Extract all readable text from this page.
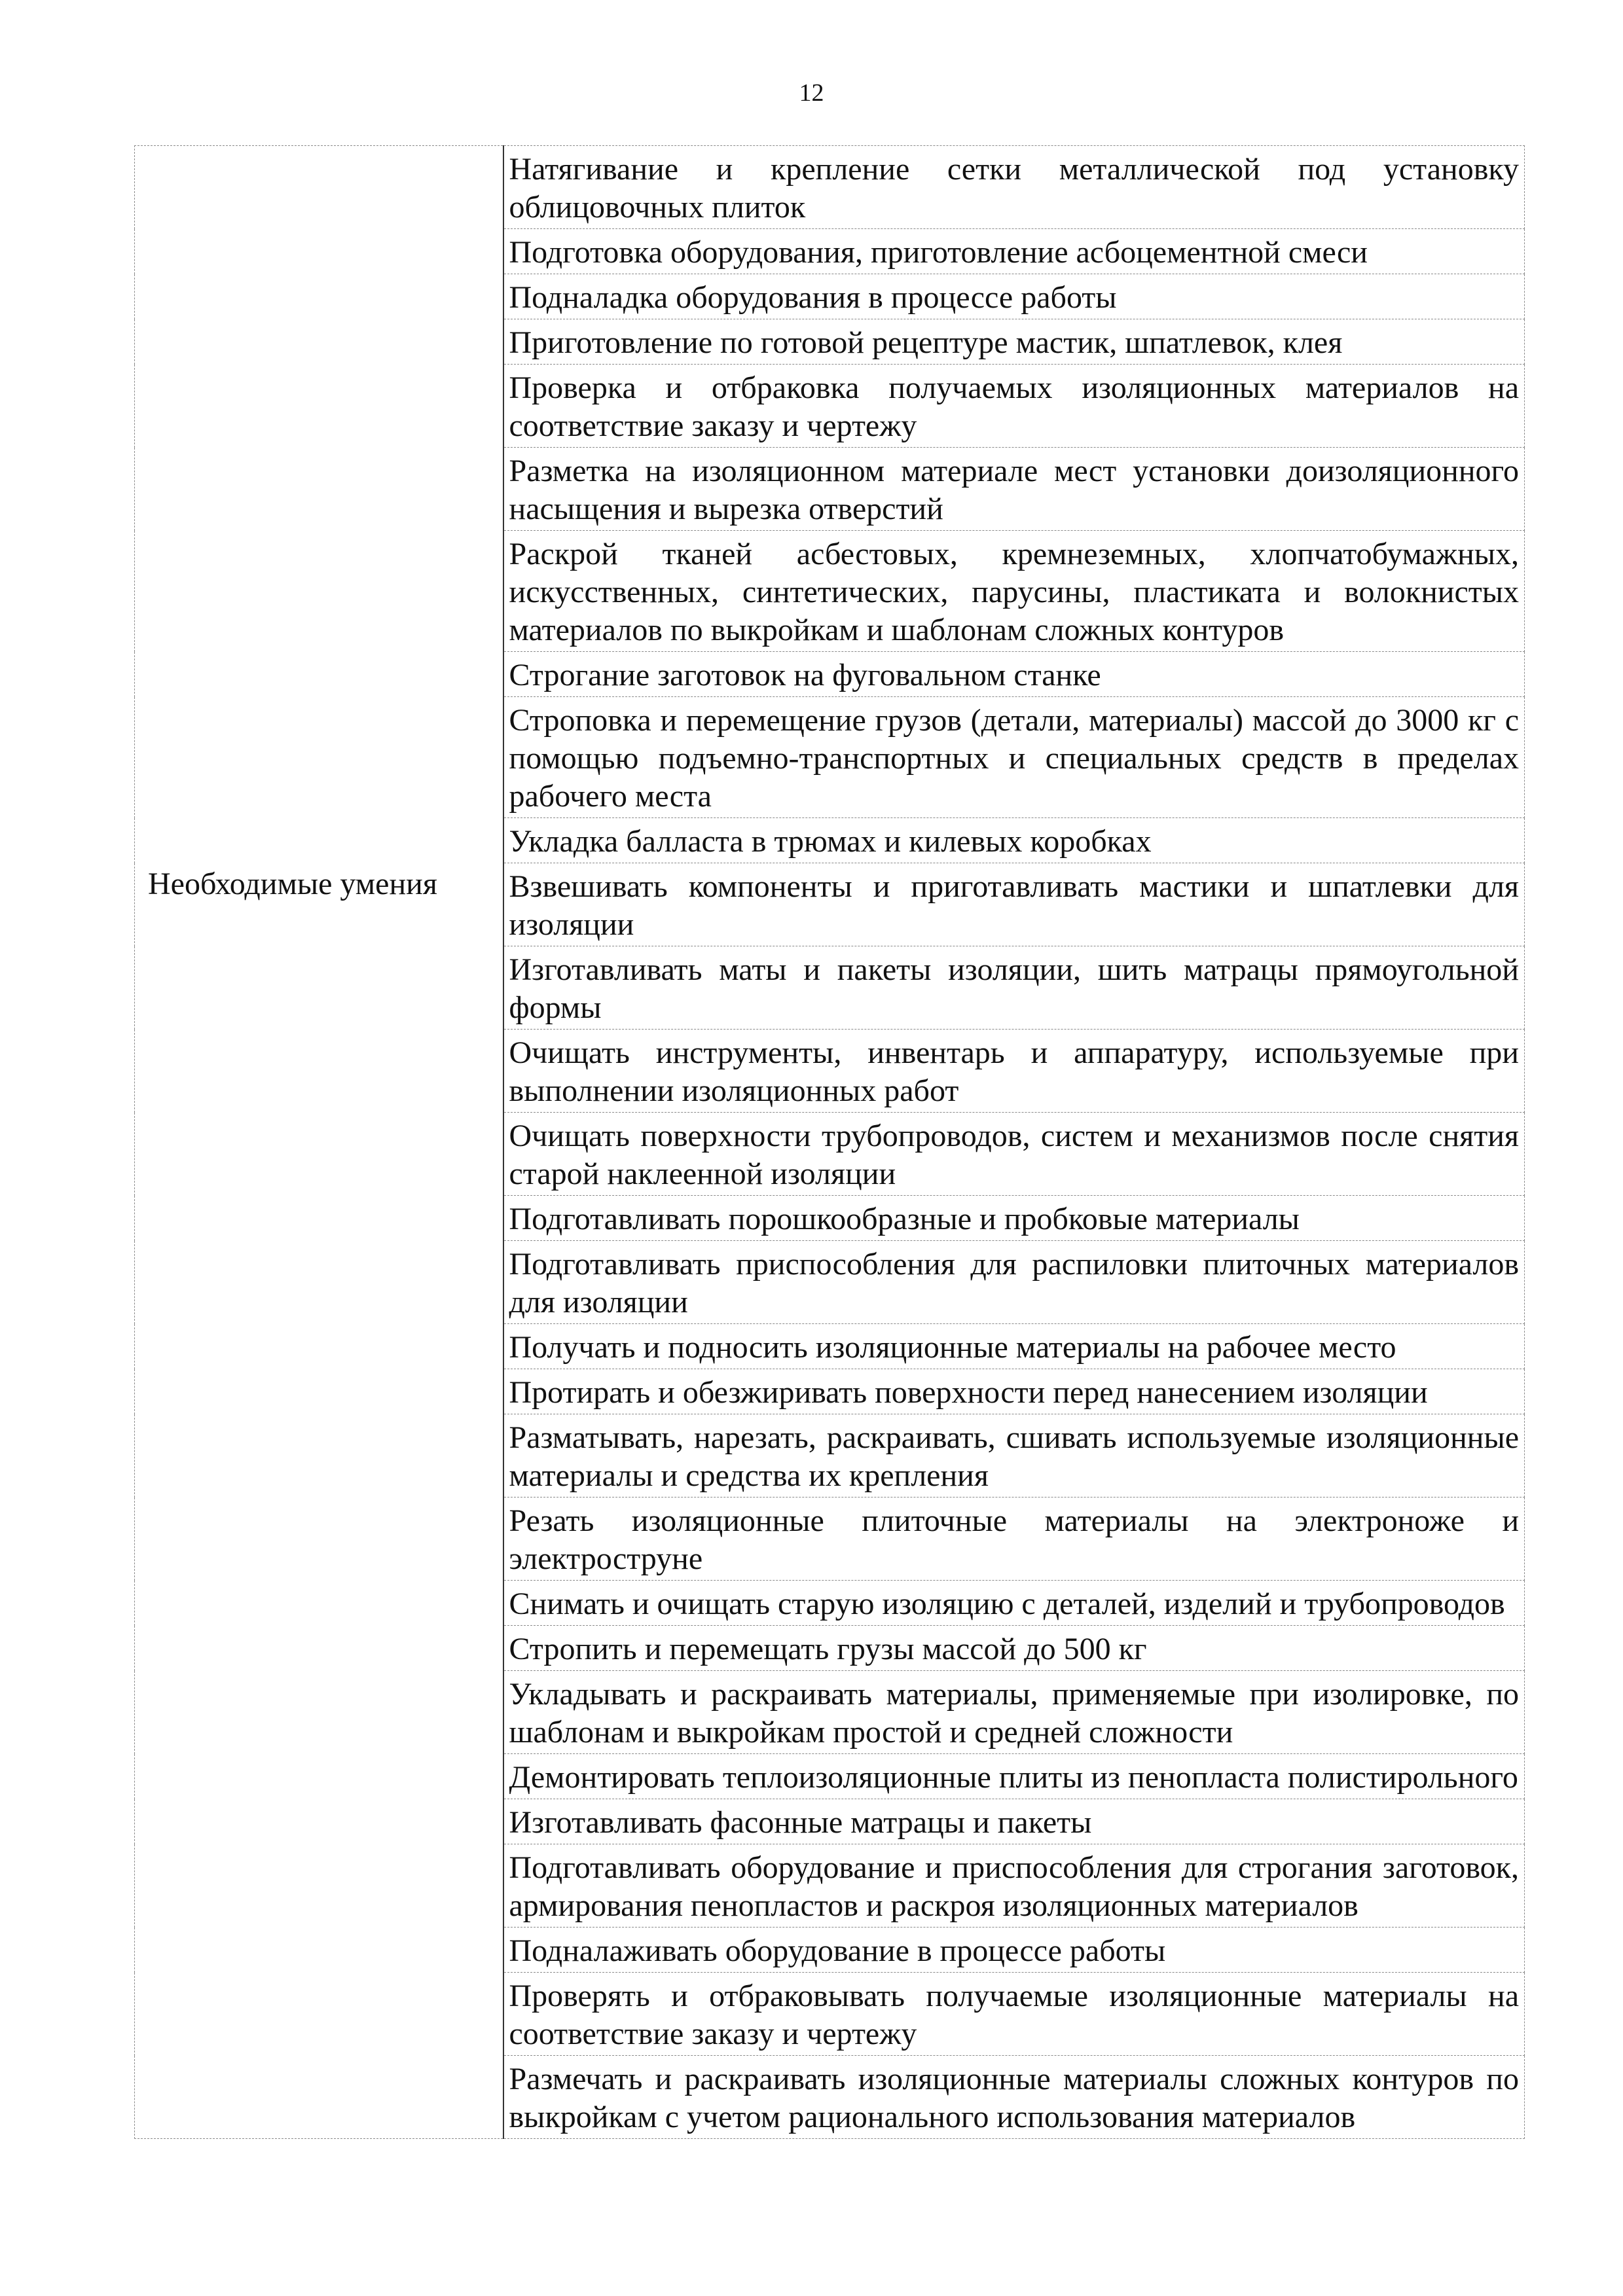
12
	Натягивание и крепление сетки металлической под установку облицовочных плиток
	Подготовка оборудования, приготовление асбоцементной смеси
	Подналадка оборудования в процессе работы
	Приготовление по готовой рецептуре мастик, шпатлевок, клея
	Проверка и отбраковка получаемых изоляционных материалов на соответствие заказу и чертежу
	Разметка на изоляционном материале мест установки доизоляционного насыщения и вырезка отверстий
	Раскрой тканей асбестовых, кремнеземных, хлопчатобумажных, искусственных, синтетических, парусины, пластиката и волокнистых материалов по выкройкам и шаблонам сложных контуров
	Строгание заготовок на фуговальном станке
	Строповка и перемещение грузов (детали, материалы) массой до 3000 кг с помощью подъемно-транспортных и специальных средств в пределах рабочего места
	Укладка балласта в трюмах и килевых коробках
Необходимые умения	Взвешивать компоненты и приготавливать мастики и шпатлевки для изоляции
	Изготавливать маты и пакеты изоляции, шить матрацы прямоугольной формы
	Очищать инструменты, инвентарь и аппаратуру, используемые при выполнении изоляционных работ
	Очищать поверхности трубопроводов, систем и механизмов после снятия старой наклеенной изоляции
	Подготавливать порошкообразные и пробковые материалы
	Подготавливать приспособления для распиловки плиточных материалов для изоляции
	Получать и подносить изоляционные материалы на рабочее место
	Протирать и обезжиривать поверхности перед нанесением изоляции
	Разматывать, нарезать, раскраивать, сшивать используемые изоляционные материалы и средства их крепления
	Резать изоляционные плиточные материалы на электроноже и электроструне
	Снимать и очищать старую изоляцию с деталей, изделий и трубопроводов
	Стропить и перемещать грузы массой до 500 кг
	Укладывать и раскраивать материалы, применяемые при изолировке, по шаблонам и выкройкам простой и средней сложности
	Демонтировать теплоизоляционные плиты из пенопласта полистирольного
	Изготавливать фасонные матрацы и пакеты
	Подготавливать оборудование и приспособления для строгания заготовок, армирования пенопластов и раскроя изоляционных материалов
	Подналаживать оборудование в процессе работы
	Проверять и отбраковывать получаемые изоляционные материалы на соответствие заказу и чертежу
	Размечать и раскраивать изоляционные материалы сложных контуров по выкройкам с учетом рационального использования материалов
